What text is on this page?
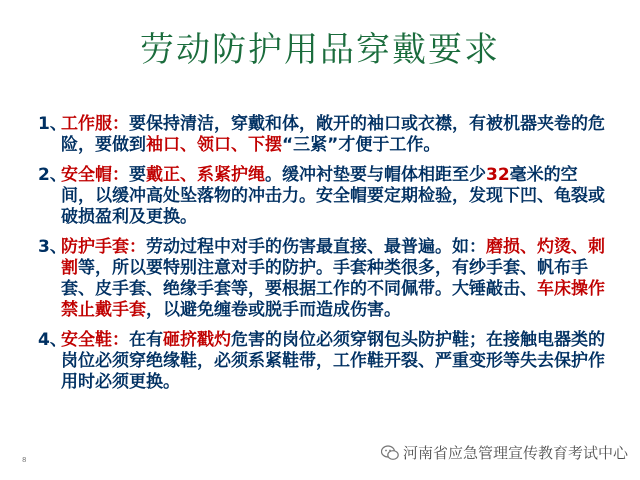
劳动防护用品穿戴要求
1、
工作服：要保持清洁，穿戴和体，敞开的袖口或衣襟，有被机器夹卷的危险，要做到袖口、领口、下摆“三紧”才便于工作。
2、
安全帽：要戴正、系紧护绳。缓冲衬垫要与帽体相距至少32毫米的空间，以缓冲高处坠落物的冲击力。安全帽要定期检验，发现下凹、龟裂或破损盈利及更换。
3、
防护手套：劳动过程中对手的伤害最直接、最普遍。如：磨损、灼烫、刺割等，所以要特别注意对手的防护。手套种类很多，有纱手套、帆布手套、皮手套、绝缘手套等，要根据工作的不同佩带。大锤敲击、车床操作禁止戴手套，以避免缠卷或脱手而造成伤害。
4、
安全鞋：在有砸挤戳灼危害的岗位必须穿钢包头防护鞋；在接触电器类的岗位必须穿绝缘鞋，必须系紧鞋带，工作鞋开裂、严重变形等失去保护作用时必须更换。
8	河南省应急管理宣传教育考试中心
